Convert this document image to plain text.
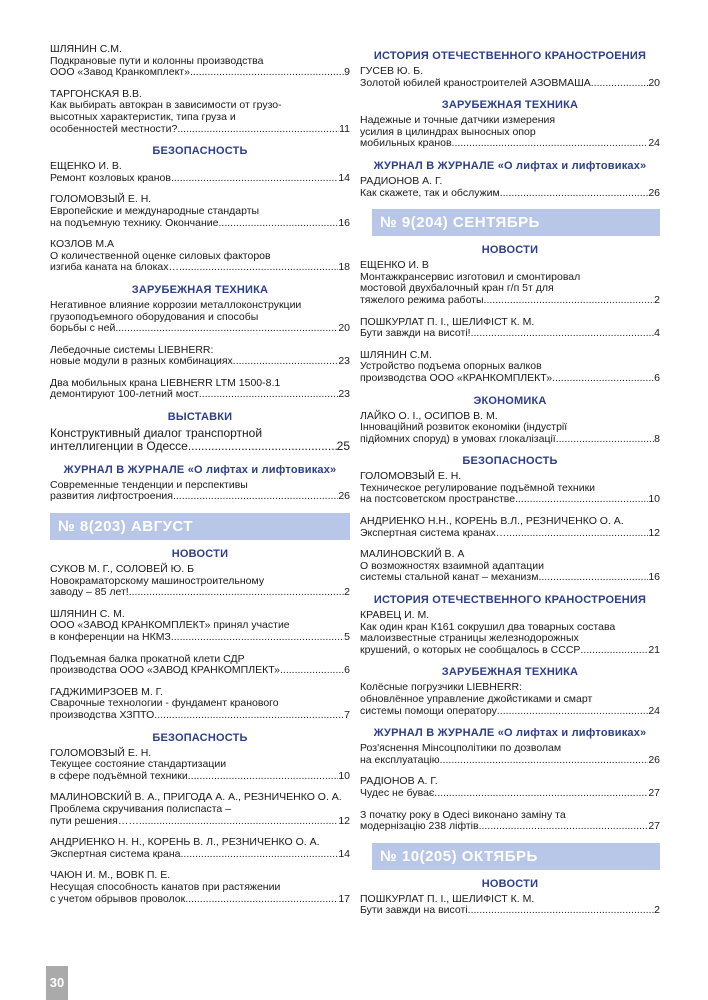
ШЛЯНИН С.М.
Подкрановые пути и колонны производства
ООО «Завод Кранкомплект» .....	9
ТАРГОНСКАЯ В.В.
Как выбирать автокран в зависимости от грузо-
высотных характеристик, типа груза и
особенностей местности? .....	11
БЕЗОПАСНОСТЬ
ЕЩЕНКО И. В.
Ремонт козловых кранов .....	14
ГОЛОМОВЗЫЙ Е. Н.
Европейские и международные стандарты
на подъемную технику. Окончание .....	16
КОЗЛОВ М.А
О количественной оценке силовых факторов
изгиба каната на блоках… .....	18
ЗАРУБЕЖНАЯ ТЕХНИКА
Негативное влияние коррозии металлоконструкции
грузоподъемного оборудования и способы
борьбы с ней .....	20
Лебедочные системы LIEBHERR:
новые модули в разных комбинациях .....	23
Два мобильных крана LIEBHERR LTM 1500-8.1
демонтируют 100-летний мост .....	23
ВЫСТАВКИ
Конструктивный диалог транспортной
интеллигенции в Одессе .....	25
ЖУРНАЛ В ЖУРНАЛЕ «О лифтах и лифтовиках»
Современные тенденции и перспективы
развития лифтостроения .....	26
№ 8(203) АВГУСТ
НОВОСТИ
СУКОВ М. Г., СОЛОВЕЙ Ю. Б
Новокраматорскому машиностроительному
заводу – 85 лет! .....	2
ШЛЯНИН С. М.
ООО «ЗАВОД КРАНКОМПЛЕКТ» принял участие
в конференции на НКМЗ .....	5
Подъемная балка прокатной клети СДР
производства ООО «ЗАВОД КРАНКОМПЛЕКТ» .....	6
ГАДЖИМИРЗОЕВ М. Г.
Сварочные технологии - фундамент кранового
производства ХЗПТО .....	7
БЕЗОПАСНОСТЬ
ГОЛОМОВЗЫЙ Е. Н.
Текущее состояние стандартизации
в сфере подъёмной техники .....	10
МАЛИНОВСКИЙ В. А., ПРИГОДА А. А., РЕЗНИЧЕНКО О. А.
Проблема скручивания полиспаста –
пути решения…… .....	12
АНДРИЕНКО Н. Н., КОРЕНЬ В. Л., РЕЗНИЧЕНКО О. А.
Экспертная система крана .....	14
ЧАЮН И. М., ВОВК П. Е.
Несущая способность канатов при растяжении
с учетом обрывов проволок .....	17
ИСТОРИЯ ОТЕЧЕСТВЕННОГО КРАНОСТРОЕНИЯ
ГУСЕВ Ю. Б.
Золотой юбилей краностроителей АЗОВМАША .....	20
ЗАРУБЕЖНАЯ ТЕХНИКА
Надежные и точные датчики измерения
усилия в цилиндрах выносных опор
мобильных кранов .....	24
ЖУРНАЛ В ЖУРНАЛЕ «О лифтах и лифтовиках»
РАДИОНОВ А. Г.
Как скажете, так и обслужим .....	26
№ 9(204) СЕНТЯБРЬ
НОВОСТИ
ЕЩЕНКО И. В
Монтажкрансервис изготовил и смонтировал
мостовой двухбалочный кран г/п 5т для
тяжелого режима работы .....	2
ПОШКУРЛАТ П. І., ШЕЛИФІСТ К. М.
Бути завжди на висоті! .....	4
ШЛЯНИН С.М.
Устройство подъема опорных валков
производства ООО «КРАНКОМПЛЕКТ» .....	6
ЭКОНОМИКА
ЛАЙКО О. І., ОСИПОВ В. М.
Інноваційний розвиток економіки (індустрії
підйомних споруд) в умовах глокалізації .....	8
БЕЗОПАСНОСТЬ
ГОЛОМОВЗЫЙ Е. Н.
Техническое регулирование подъёмной техники
на постсоветском пространстве .....	10
АНДРИЕНКО Н.Н., КОРЕНЬ В.Л., РЕЗНИЧЕНКО О. А.
Экспертная система кранах… .....	12
МАЛИНОВСКИЙ В. А
О возможностях взаимной адаптации
системы стальной канат – механизм .....	16
ИСТОРИЯ ОТЕЧЕСТВЕННОГО КРАНОСТРОЕНИЯ
КРАВЕЦ И. М.
Как один кран К161 сокрушил два товарных состава
малоизвестные страницы железнодорожных
крушений, о которых не сообщалось в СССР .....	21
ЗАРУБЕЖНАЯ ТЕХНИКА
Колёсные погрузчики LIEBHERR:
обновлённое управление джойстиками и смарт
системы помощи оператору .....	24
ЖУРНАЛ В ЖУРНАЛЕ «О лифтах и лифтовиках»
Роз'яснення Мінсоцполітики по дозволам
на експлуатацію .....	26
РАДІОНОВ А. Г.
Чудес не буває .....	27
З початку року в Одесі виконано заміну та
модернізацію 238 ліфтів .....	27
№ 10(205) ОКТЯБРЬ
НОВОСТИ
ПОШКУРЛАТ П. І., ШЕЛИФІСТ К. М.
Бути завжди на висоті .....	2
30
